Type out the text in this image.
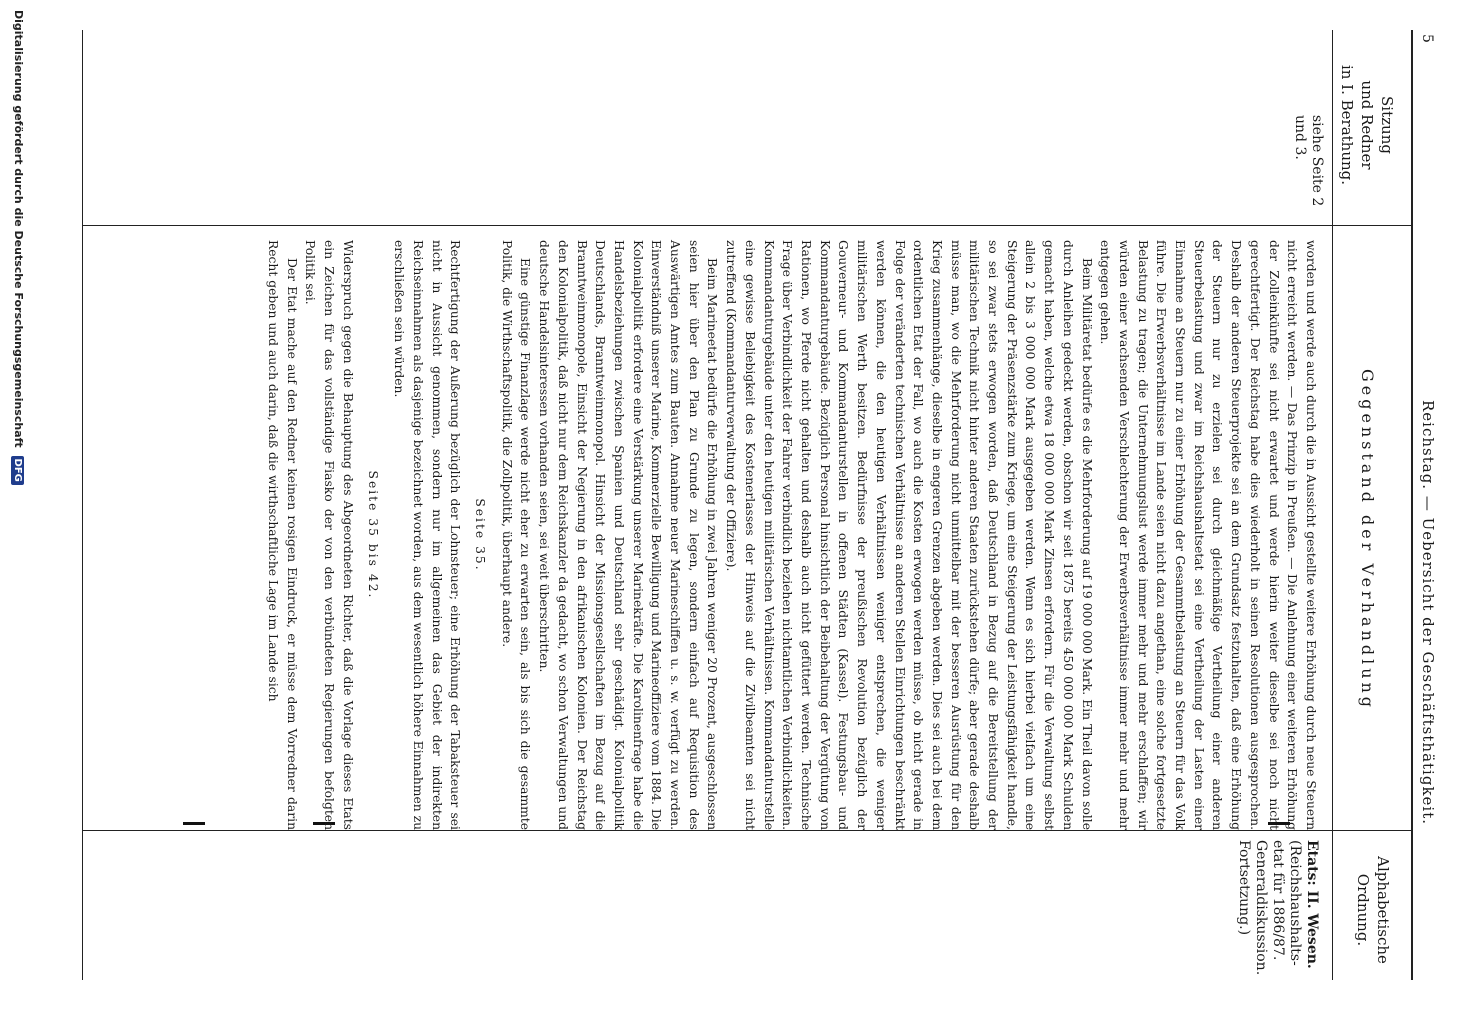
5
Reichstag. — Uebersicht der Geschäftsthätigkeit.
Sitzung
und Redner
in I. Berathung.
Gegenstand der Verhandlung
Alphabetische
Ordnung.
siehe Seite 2 und 3.
Etats: II. Wesen.
(Reichshaushalts-
etat für 1886/87.
Generaldiskussion.
Fortsetzung.)

worden und werde auch durch die in Aussicht gestellte weitere Erhöhung durch neue Steuern nicht erreicht werden. — Das Prinzip in Preußen. — Die Anlehnung einer weiteren Erhöhung der Zolleinkünfte sei nicht erwartet und werde hierin weiter dieselbe sei noch nicht gerechtfertigt. Der Reichstag habe dies wiederholt in seinen Resolutionen ausgesprochen. Deshalb der anderen Steuerprojekte sei an dem Grundsatz festzuhalten, daß eine Erhöhung der Steuern nur zu erzielen sei durch gleichmäßige Vertheilung einer anderen Steuerbelastung und zwar im Reichshaushaltsetat sei eine Vertheilung der Lasten einer Einnahme an Steuern nur zu einer Erhöhung der Gesammtbelastung an Steuern für das Volk führe. Die Erwerbsverhältnisse im Lande seien nicht dazu angethan, eine solche fortgesetzte Belastung zu tragen; die Unternehmungslust werde immer mehr und mehr erschlaffen; wir würden einer wachsenden Verschlechterung der Erwerbsverhältnisse immer mehr und mehr entgegen gehen.

Beim Militäretat bedürfe es die Mehrforderung auf 19 000 000 Mark. Ein Theil davon solle durch Anleihen gedeckt werden, obschon wir seit 1875 bereits 450 000 000 Mark Schulden gemacht haben, welche etwa 18 000 000 Mark Zinsen erfordern. Für die Verwaltung selbst allein 2 bis 3 000 000 Mark ausgegeben werden. Wenn es sich hierbei vielfach um eine Steigerung der Präsenzstärke zum Kriege, um eine Steigerung der Leistungsfähigkeit handle, so sei zwar stets erwogen worden, daß Deutschland in Bezug auf die Bereitstellung der militärischen Technik nicht hinter anderen Staaten zurückstehen dürfe; aber gerade deshalb müsse man, wo die Mehrforderung nicht unmittelbar mit der besseren Ausrüstung für den Krieg zusammenhänge, dieselbe in engeren Grenzen abgeben werden. Dies sei auch bei dem ordentlichen Etat der Fall, wo auch die Kosten erwogen werden müsse, ob nicht gerade in Folge der veränderten technischen Verhältnisse an anderen Stellen Einrichtungen beschränkt werden können, die den heutigen Verhältnissen weniger entsprechen, die weniger militärischen Werth besitzen. Bedürfnisse der preußischen Revolution bezüglich der Gouverneur- und Kommandanturstellen in offenen Städten (Kassel). Festungsbau- und Kommandanturgebäude. Bezüglich Personal hinsichtlich der Beibehaltung der Vergütung von Rationen, wo Pferde nicht gehalten und deshalb auch nicht gefüttert werden. Technische Frage über Verbindlichkeit der Fahrer verbindlich beziehen nichtamtlichen Verbindlichkeiten. Kommandanturgebäude unter den heutigen militärischen Verhältnissen. Kommandanturstelle eine gewisse Beliebigkeit des Kostenerlasses der Hinweis auf die Zivilbeamten sei nicht zutreffend (Kommandanturverwaltung der Offiziere).

Beim Marineetat bedürfe die Erhöhung in zwei Jahren weniger 20 Prozent, ausgeschlossen seien hier über den Plan zu Grunde zu legen, sondern einfach auf Requisition des Auswärtigen Amtes zum Bauten. Annahme neuer Marineschiffen u. s. w. verfügt zu werden. Einverständniß unserer Marine, Kommerzielle Bewilligung und Marineoffiziere vom 1884. Die Kolonialpolitik erfordere eine Verstärkung unserer Marinekräfte. Die Karolinenfrage habe die Handelsbeziehungen zwischen Spanien und Deutschland sehr geschädigt. Kolonialpolitik Deutschlands, Branntweinmonopol. Hinsicht der Missionsgesellschaften im Bezug auf die Branntweinmonopole, Einsicht der Negierung in den afrikanischen Kolonien. Der Reichstag den Kolonialpolitik, daß nicht nur dem Reichskanzler da gedacht, wo schon Verwaltungen und deutsche Handelsinteressen vorhanden seien, sei weit überschritten.

Eine günstige Finanzlage werde nicht eher zu erwarten sein, als bis sich die gesammte Politik, die Wirthschaftspolitik, die Zollpolitik, überhaupt andere.

Seite 35.

Rechtfertigung der Außerung bezüglich der Lohnsteuer; eine Erhöhung der Tabaksteuer sei nicht in Aussicht genommen, sondern nur im allgemeinen das Gebiet der indirekten Reichseinnahmen als dasjenige bezeichnet worden, aus dem wesentlich höhere Einnahmen zu erschließen sein würden.

Seite 35 bis 42.

Widerspruch gegen die Behauptung des Abgeordneten Richter, daß die Vorlage dieses Etats ein Zeichen für das vollständige Fiasko der von den verbündeten Regierungen befolgten Politik sei.

Der Etat mache auf den Redner keinen rosigen Eindruck, er müsse dem Vorredner darin Recht geben und auch darin, daß die wirthschaftliche Lage im Lande sich

Digitalisierung gefördert durch die Deutsche Forschungsgemeinschaft DFG
